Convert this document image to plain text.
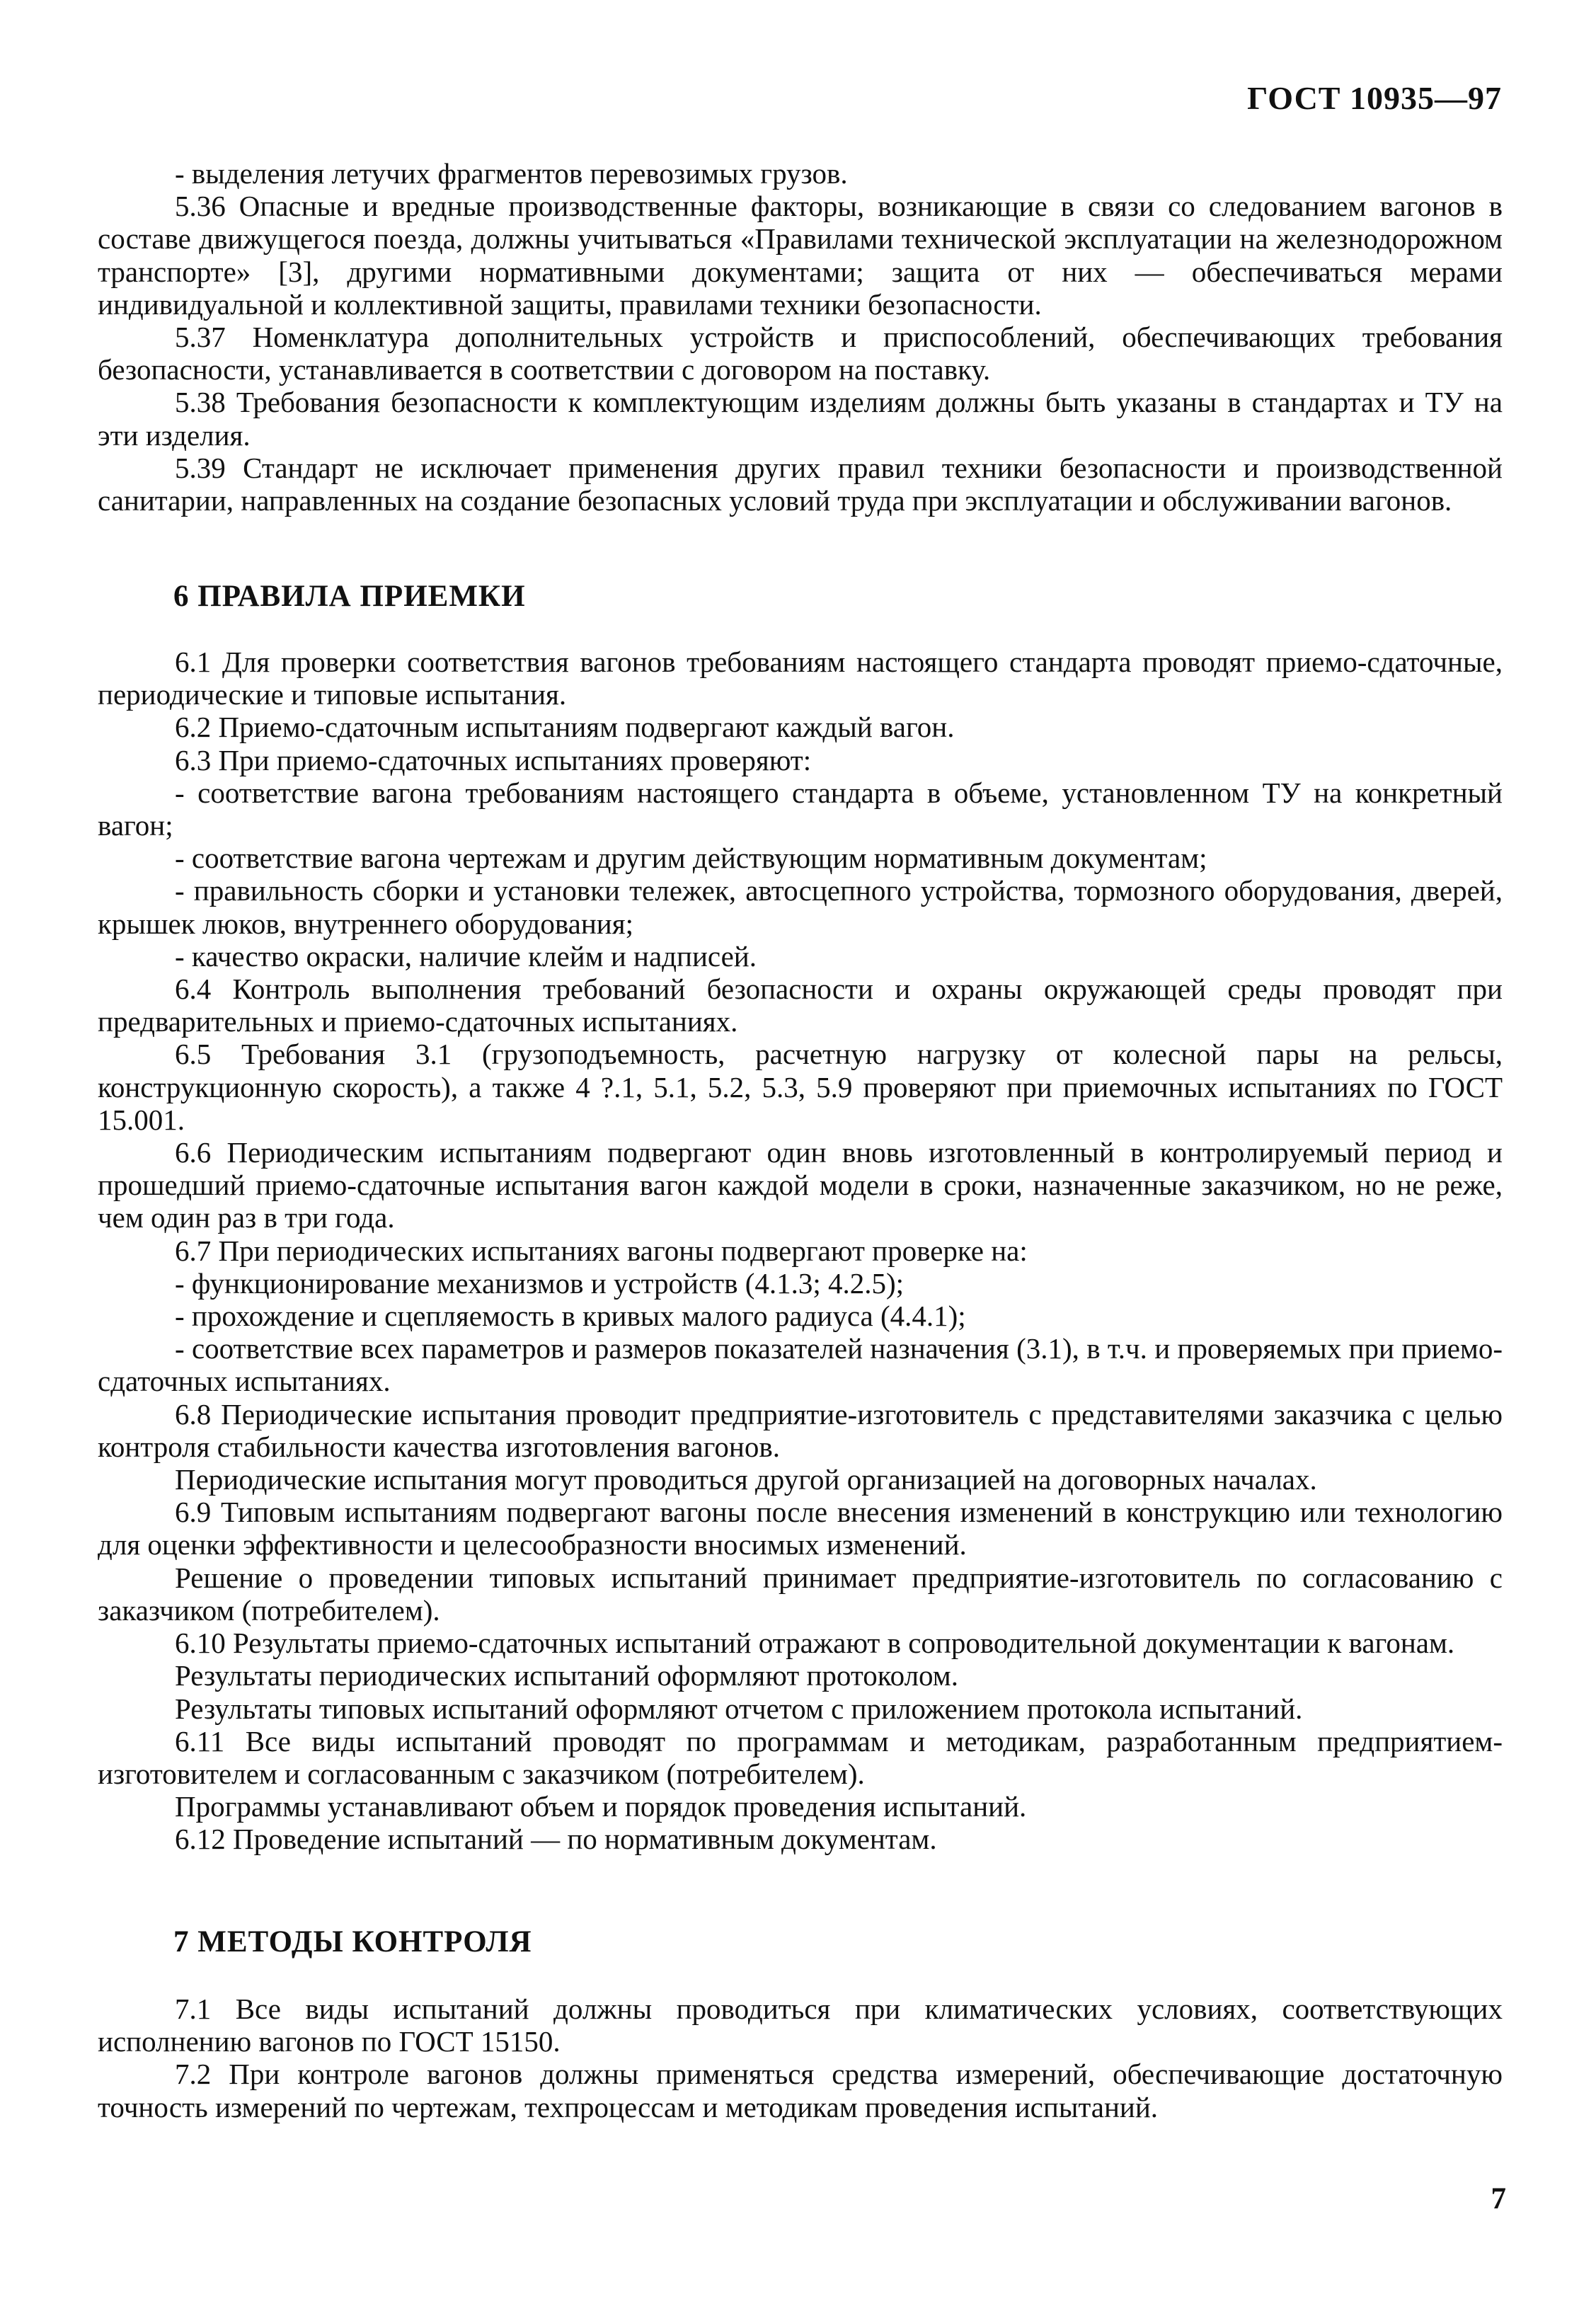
ГОСТ 10935—97

- выделения летучих фрагментов перевозимых грузов.

5.36 Опасные и вредные производственные факторы, возникающие в связи со следованием вагонов в составе движущегося поезда, должны учитываться «Правилами технической эксплуатации на железнодорожном транспорте» [3], другими нормативными документами; защита от них — обеспечиваться мерами индивидуальной и коллективной защиты, правилами техники безопасности.

5.37 Номенклатура дополнительных устройств и приспособлений, обеспечивающих требования безопасности, устанавливается в соответствии с договором на поставку.

5.38 Требования безопасности к комплектующим изделиям должны быть указаны в стандартах и ТУ на эти изделия.

5.39 Стандарт не исключает применения других правил техники безопасности и производственной санитарии, направленных на создание безопасных условий труда при эксплуатации и обслуживании вагонов.

6 ПРАВИЛА ПРИЕМКИ

6.1 Для проверки соответствия вагонов требованиям настоящего стандарта проводят приемо-сдаточные, периодические и типовые испытания.

6.2 Приемо-сдаточным испытаниям подвергают каждый вагон.

6.3 При приемо-сдаточных испытаниях проверяют:

- соответствие вагона требованиям настоящего стандарта в объеме, установленном ТУ на конкретный вагон;

- соответствие вагона чертежам и другим действующим нормативным документам;

- правильность сборки и установки тележек, автосцепного устройства, тормозного оборудования, дверей, крышек люков, внутреннего оборудования;

- качество окраски, наличие клейм и надписей.

6.4 Контроль выполнения требований безопасности и охраны окружающей среды проводят при предварительных и приемо-сдаточных испытаниях.

6.5 Требования 3.1 (грузоподъемность, расчетную нагрузку от колесной пары на рельсы, конструкционную скорость), а также 4 ?.1, 5.1, 5.2, 5.3, 5.9 проверяют при приемочных испытаниях по ГОСТ 15.001.

6.6 Периодическим испытаниям подвергают один вновь изготовленный в контролируемый период и прошедший приемо-сдаточные испытания вагон каждой модели в сроки, назначенные заказчиком, но не реже, чем один раз в три года.

6.7 При периодических испытаниях вагоны подвергают проверке на:

- функционирование механизмов и устройств (4.1.3; 4.2.5);

- прохождение и сцепляемость в кривых малого радиуса (4.4.1);

- соответствие всех параметров и размеров показателей назначения (3.1), в т.ч. и проверяемых при приемо-сдаточных испытаниях.

6.8 Периодические испытания проводит предприятие-изготовитель с представителями заказчика с целью контроля стабильности качества изготовления вагонов.

Периодические испытания могут проводиться другой организацией на договорных началах.

6.9 Типовым испытаниям подвергают вагоны после внесения изменений в конструкцию или технологию для оценки эффективности и целесообразности вносимых изменений.

Решение о проведении типовых испытаний принимает предприятие-изготовитель по согласованию с заказчиком (потребителем).

6.10 Результаты приемо-сдаточных испытаний отражают в сопроводительной документации к вагонам.

Результаты периодических испытаний оформляют протоколом.

Результаты типовых испытаний оформляют отчетом с приложением протокола испытаний.

6.11 Все виды испытаний проводят по программам и методикам, разработанным предприятием-изготовителем и согласованным с заказчиком (потребителем).

Программы устанавливают объем и порядок проведения испытаний.

6.12 Проведение испытаний — по нормативным документам.

7 МЕТОДЫ КОНТРОЛЯ

7.1 Все виды испытаний должны проводиться при климатических условиях, соответствующих исполнению вагонов по ГОСТ 15150.

7.2 При контроле вагонов должны применяться средства измерений, обеспечивающие достаточную точность измерений по чертежам, техпроцессам и методикам проведения испытаний.

7
